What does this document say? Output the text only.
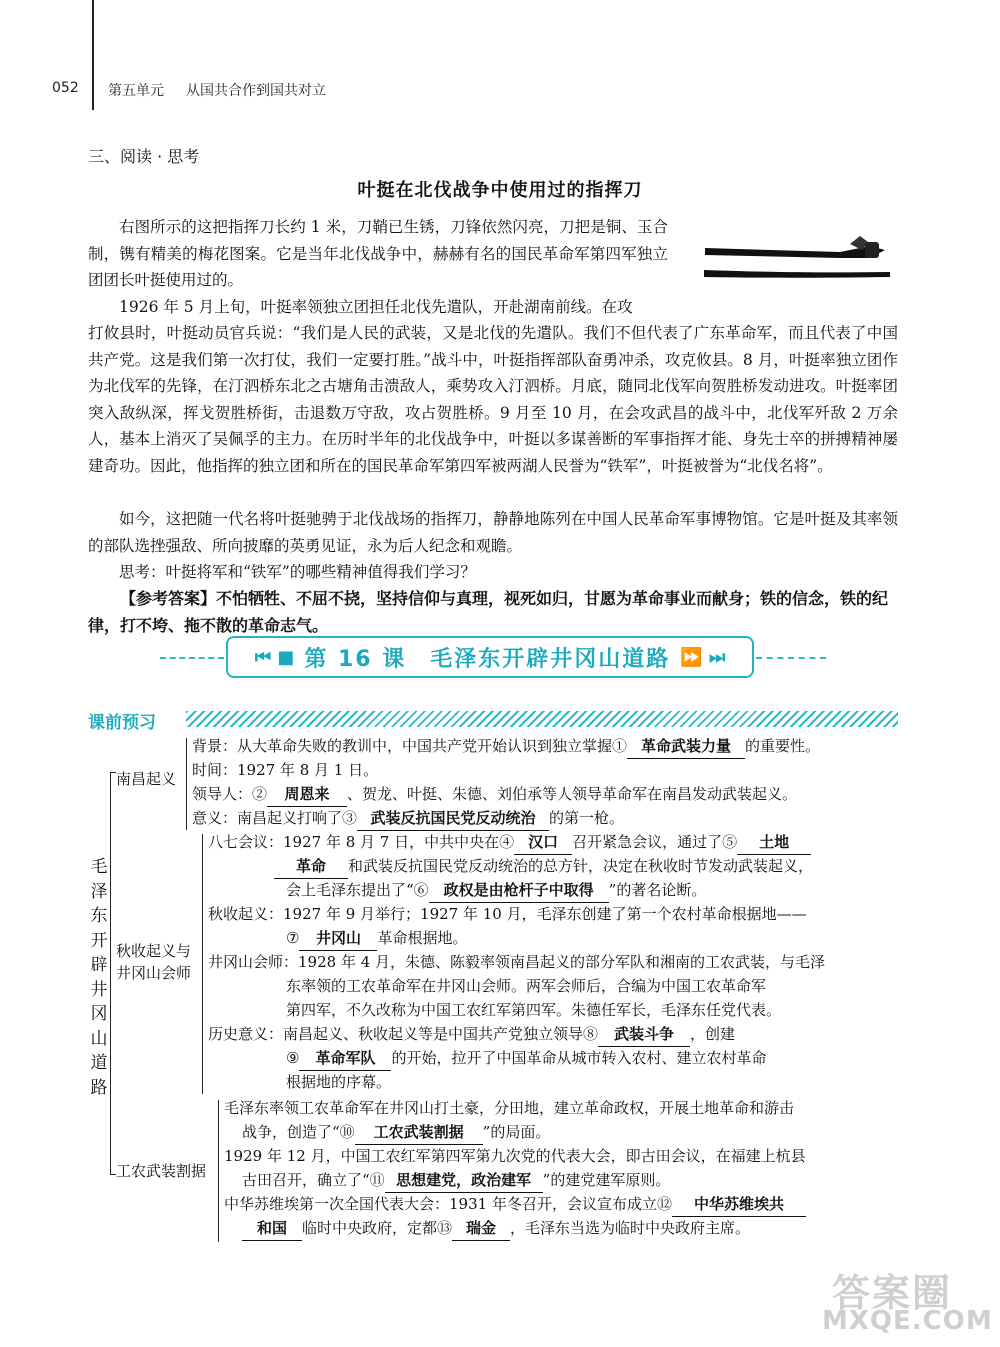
052 第五单元 从国共合作到国共对立
三、阅读 · 思考
叶挺在北伐战争中使用过的指挥刀
右图所示的这把指挥刀长约 1 米，刀鞘已生锈，刀锋依然闪亮，刀把是铜、玉合制，镌有精美的梅花图案。它是当年北伐战争中，赫赫有名的国民革命军第四军独立团团长叶挺使用过的。
1926 年 5 月上旬，叶挺率领独立团担任北伐先遣队，开赴湖南前线。在攻
打攸县时，叶挺动员官兵说：“我们是人民的武装，又是北伐的先遣队。我们不但代表了广东革命军，而且代表了中国共产党。这是我们第一次打仗，我们一定要打胜。”战斗中，叶挺指挥部队奋勇冲杀，攻克攸县。8 月，叶挺率独立团作为北伐军的先锋，在汀泗桥东北之古塘角击溃敌人，乘势攻入汀泗桥。月底，随同北伐军向贺胜桥发动进攻。叶挺率团突入敌纵深，挥戈贺胜桥街，击退数万守敌，攻占贺胜桥。9 月至 10 月，在会攻武昌的战斗中，北伐军歼敌 2 万余人，基本上消灭了吴佩孚的主力。在历时半年的北伐战争中，叶挺以多谋善断的军事指挥才能、身先士卒的拼搏精神屡建奇功。因此，他指挥的独立团和所在的国民革命军第四军被两湖人民誉为“铁军”，叶挺被誉为“北伐名将”。
如今，这把随一代名将叶挺驰骋于北伐战场的指挥刀，静静地陈列在中国人民革命军事博物馆。它是叶挺及其率领的部队选挫强敌、所向披靡的英勇见证，永为后人纪念和观瞻。
思考：叶挺将军和“铁军”的哪些精神值得我们学习？
【参考答案】不怕牺牲、不屈不挠，坚持信仰与真理，视死如归，甘愿为革命事业而献身；铁的信念，铁的纪律，打不垮、拖不散的革命志气。
⏮ ■ 第 16 课　毛泽东开辟井冈山道路 ⏩ ⏭
课前预习
毛泽东开辟井冈山道路
南昌起义
背景：从大革命失败的教训中，中国共产党开始认识到独立掌握① 革命武装力量 的重要性。
时间：1927 年 8 月 1 日。
领导人：② 周恩来 、贺龙、叶挺、朱德、刘伯承等人领导革命军在南昌发动武装起义。
意义：南昌起义打响了③ 武装反抗国民党反动统治 的第一枪。
秋收起义与井冈山会师
八七会议：1927 年 8 月 7 日，中共中央在④ 汉口 召开紧急会议，通过了⑤ 土地
革命 和武装反抗国民党反动统治的总方针，决定在秋收时节发动武装起义，
会上毛泽东提出了“⑥ 政权是由枪杆子中取得 ”的著名论断。
秋收起义：1927 年 9 月举行；1927 年 10 月，毛泽东创建了第一个农村革命根据地——
⑦ 井冈山 革命根据地。
井冈山会师：1928 年 4 月，朱德、陈毅率领南昌起义的部分军队和湘南的工农武装，与毛泽
东率领的工农革命军在井冈山会师。两军会师后，合编为中国工农革命军
第四军，不久改称为中国工农红军第四军。朱德任军长，毛泽东任党代表。
历史意义：南昌起义、秋收起义等是中国共产党独立领导⑧ 武装斗争 ，创建
⑨ 革命军队 的开始，拉开了中国革命从城市转入农村、建立农村革命
根据地的序幕。
工农武装割据
毛泽东率领工农革命军在井冈山打土豪，分田地，建立革命政权，开展土地革命和游击
战争，创造了“⑩ 工农武装割据 ”的局面。
1929 年 12 月，中国工农红军第四军第九次党的代表大会，即古田会议，在福建上杭县
古田召开，确立了“⑪ 思想建党，政治建军 ”的建党建军原则。
中华苏维埃第一次全国代表大会：1931 年冬召开，会议宣布成立⑫ 中华苏维埃共
和国 临时中央政府，定都⑬ 瑞金 ，毛泽东当选为临时中央政府主席。
答案圈
MXQE.COM
